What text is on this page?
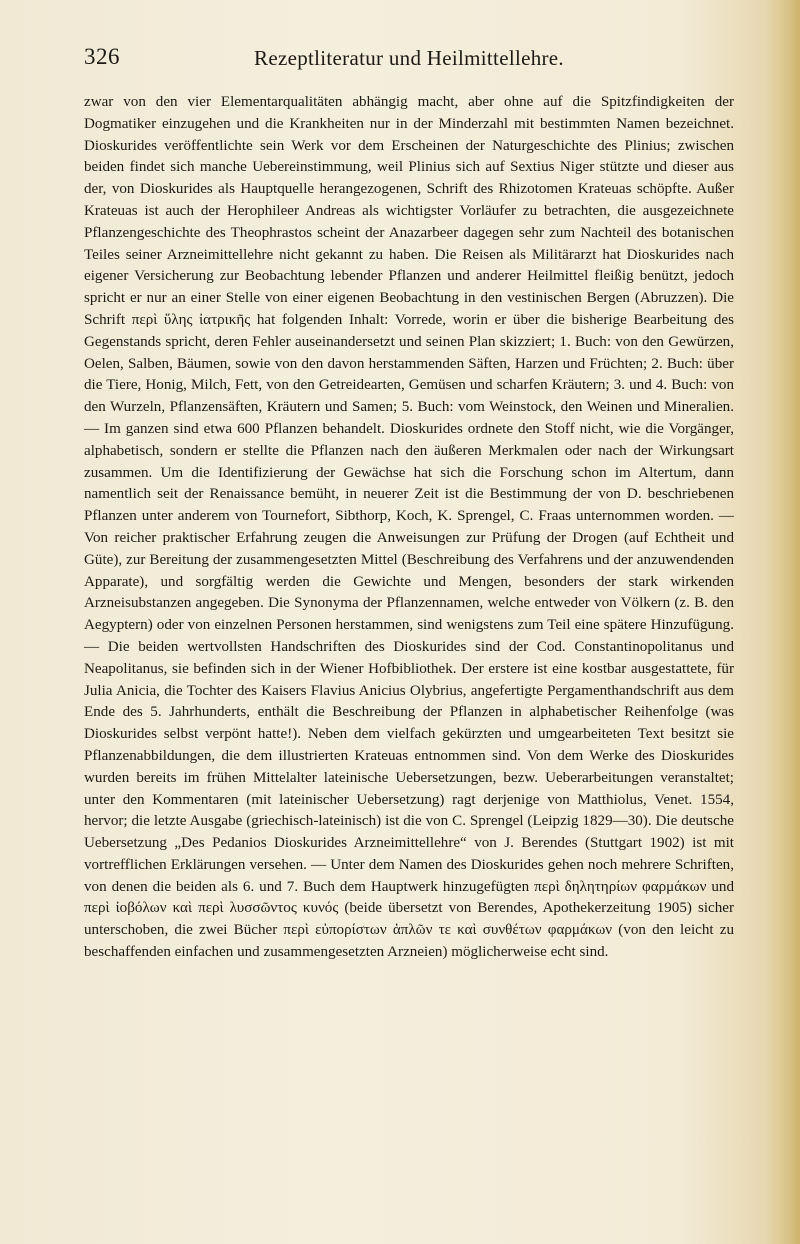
326	Rezeptliteratur und Heilmittellehre.

zwar von den vier Elementarqualitäten abhängig macht, aber ohne auf die Spitzfindigkeiten der Dogmatiker einzugehen und die Krankheiten nur in der Minderzahl mit bestimmten Namen bezeichnet. Dioskurides veröffentlichte sein Werk vor dem Erscheinen der Naturgeschichte des Plinius; zwischen beiden findet sich manche Uebereinstimmung, weil Plinius sich auf Sextius Niger stützte und dieser aus der, von Dioskurides als Hauptquelle herangezogenen, Schrift des Rhizotomen Krateuas schöpfte. Außer Krateuas ist auch der Herophileer Andreas als wichtigster Vorläufer zu betrachten, die ausgezeichnete Pflanzengeschichte des Theophrastos scheint der Anazarbeer dagegen sehr zum Nachteil des botanischen Teiles seiner Arzneimittellehre nicht gekannt zu haben. Die Reisen als Militärarzt hat Dioskurides nach eigener Versicherung zur Beobachtung lebender Pflanzen und anderer Heilmittel fleißig benützt, jedoch spricht er nur an einer Stelle von einer eigenen Beobachtung in den vestinischen Bergen (Abruzzen). Die Schrift περὶ ὕλης ἰατρικῆς hat folgenden Inhalt: Vorrede, worin er über die bisherige Bearbeitung des Gegenstands spricht, deren Fehler auseinandersetzt und seinen Plan skizziert; 1. Buch: von den Gewürzen, Oelen, Salben, Bäumen, sowie von den davon herstammenden Säften, Harzen und Früchten; 2. Buch: über die Tiere, Honig, Milch, Fett, von den Getreidearten, Gemüsen und scharfen Kräutern; 3. und 4. Buch: von den Wurzeln, Pflanzensäften, Kräutern und Samen; 5. Buch: vom Weinstock, den Weinen und Mineralien. — Im ganzen sind etwa 600 Pflanzen behandelt. Dioskurides ordnete den Stoff nicht, wie die Vorgänger, alphabetisch, sondern er stellte die Pflanzen nach den äußeren Merkmalen oder nach der Wirkungsart zusammen. Um die Identifizierung der Gewächse hat sich die Forschung schon im Altertum, dann namentlich seit der Renaissance bemüht, in neuerer Zeit ist die Bestimmung der von D. beschriebenen Pflanzen unter anderem von Tournefort, Sibthorp, Koch, K. Sprengel, C. Fraas unternommen worden. — Von reicher praktischer Erfahrung zeugen die Anweisungen zur Prüfung der Drogen (auf Echtheit und Güte), zur Bereitung der zusammengesetzten Mittel (Beschreibung des Verfahrens und der anzuwendenden Apparate), und sorgfältig werden die Gewichte und Mengen, besonders der stark wirkenden Arzneisubstanzen angegeben. Die Synonyma der Pflanzennamen, welche entweder von Völkern (z. B. den Aegyptern) oder von einzelnen Personen herstammen, sind wenigstens zum Teil eine spätere Hinzufügung. — Die beiden wertvollsten Handschriften des Dioskurides sind der Cod. Constantinopolitanus und Neapolitanus, sie befinden sich in der Wiener Hofbibliothek. Der erstere ist eine kostbar ausgestattete, für Julia Anicia, die Tochter des Kaisers Flavius Anicius Olybrius, angefertigte Pergamenthandschrift aus dem Ende des 5. Jahrhunderts, enthält die Beschreibung der Pflanzen in alphabetischer Reihenfolge (was Dioskurides selbst verpönt hatte!). Neben dem vielfach gekürzten und umgearbeiteten Text besitzt sie Pflanzenabbildungen, die dem illustrierten Krateuas entnommen sind. Von dem Werke des Dioskurides wurden bereits im frühen Mittelalter lateinische Uebersetzungen, bezw. Ueberarbeitungen veranstaltet; unter den Kommentaren (mit lateinischer Uebersetzung) ragt derjenige von Matthiolus, Venet. 1554, hervor; die letzte Ausgabe (griechisch-lateinisch) ist die von C. Sprengel (Leipzig 1829—30). Die deutsche Uebersetzung „Des Pedanios Dioskurides Arzneimittellehre“ von J. Berendes (Stuttgart 1902) ist mit vortrefflichen Erklärungen versehen. — Unter dem Namen des Dioskurides gehen noch mehrere Schriften, von denen die beiden als 6. und 7. Buch dem Hauptwerk hinzugefügten περὶ δηλητηρίων φαρμάκων und περὶ ἰοβόλων καὶ περὶ λυσσῶντος κυνός (beide übersetzt von Berendes, Apothekerzeitung 1905) sicher unterschoben, die zwei Bücher περὶ εὐπορίστων ἁπλῶν τε καὶ συνθέτων φαρμάκων (von den leicht zu beschaffenden einfachen und zusammengesetzten Arzneien) möglicherweise echt sind.
